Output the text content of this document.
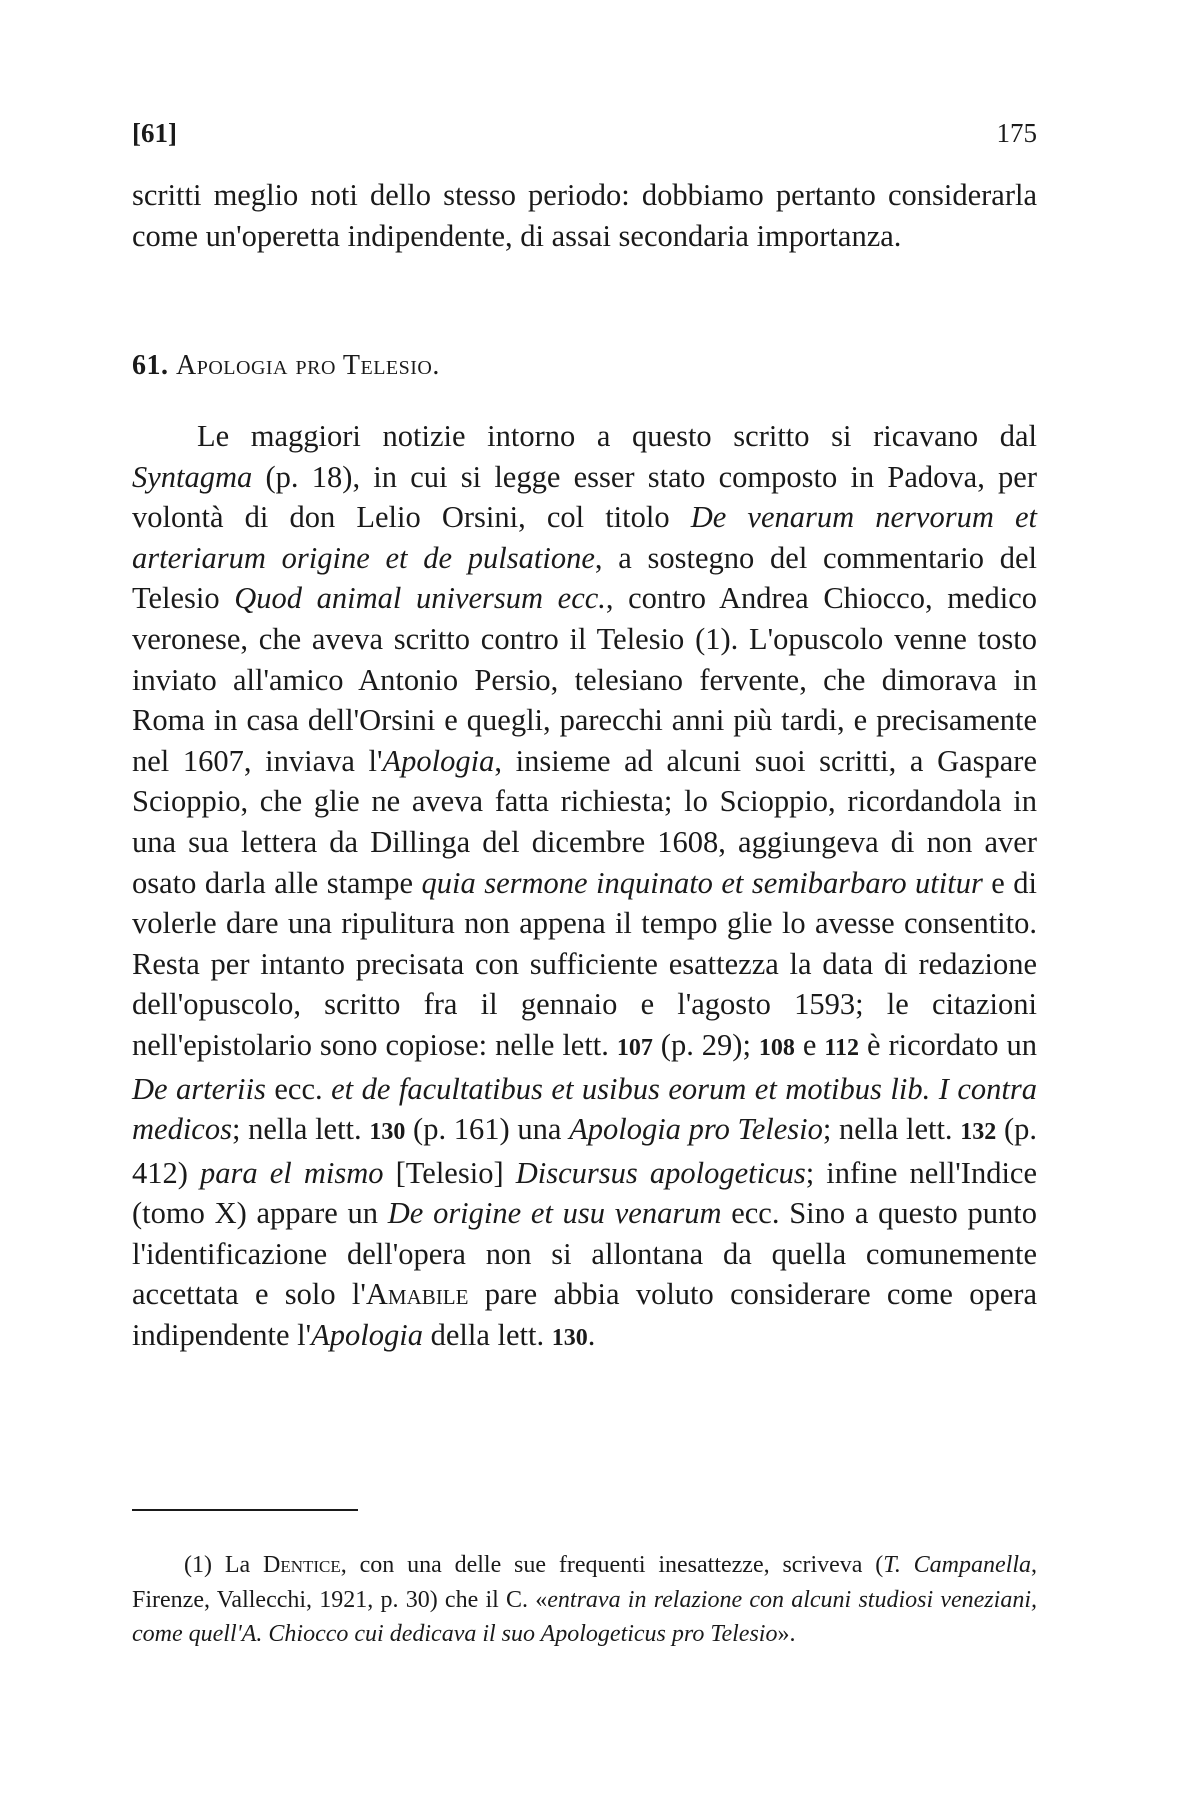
[61]	175

scritti meglio noti dello stesso periodo: dobbiamo pertanto considerarla come un'operetta indipendente, di assai secondaria importanza.

61. Apologia pro Telesio.

Le maggiori notizie intorno a questo scritto si ricavano dal Syntagma (p. 18), in cui si legge esser stato composto in Padova, per volontà di don Lelio Orsini, col titolo De venarum nervorum et arteriarum origine et de pulsatione, a sostegno del commentario del Telesio Quod animal universum ecc., contro Andrea Chiocco, medico veronese, che aveva scritto contro il Telesio (1). L'opuscolo venne tosto inviato all'amico Antonio Persio, telesiano fervente, che dimorava in Roma in casa dell'Orsini e quegli, parecchi anni più tardi, e precisamente nel 1607, inviava l'Apologia, insieme ad alcuni suoi scritti, a Gaspare Scioppio, che glie ne aveva fatta richiesta; lo Scioppio, ricordandola in una sua lettera da Dillinga del dicembre 1608, aggiungeva di non aver osato darla alle stampe quia sermone inquinato et semibarbaro utitur e di volerle dare una ripulitura non appena il tempo glie lo avesse consentito. Resta per intanto precisata con sufficiente esattezza la data di redazione dell'opuscolo, scritto fra il gennaio e l'agosto 1593; le citazioni nell'epistolario sono copiose: nelle lett. 107 (p. 29); 108 e 112 è ricordato un De arteriis ecc. et de facultatibus et usibus eorum et motibus lib. I contra medicos; nella lett. 130 (p. 161) una Apologia pro Telesio; nella lett. 132 (p. 412) para el mismo [Telesio] Discursus apologeticus; infine nell'Indice (tomo X) appare un De origine et usu venarum ecc. Sino a questo punto l'identificazione dell'opera non si allontana da quella comunemente accettata e solo l'Amabile pare abbia voluto considerare come opera indipendente l'Apologia della lett. 130.

(1) La Dentice, con una delle sue frequenti inesattezze, scriveva (T. Campanella, Firenze, Vallecchi, 1921, p. 30) che il C. «entrava in relazione con alcuni studiosi veneziani, come quell'A. Chiocco cui dedicava il suo Apologeticus pro Telesio».
